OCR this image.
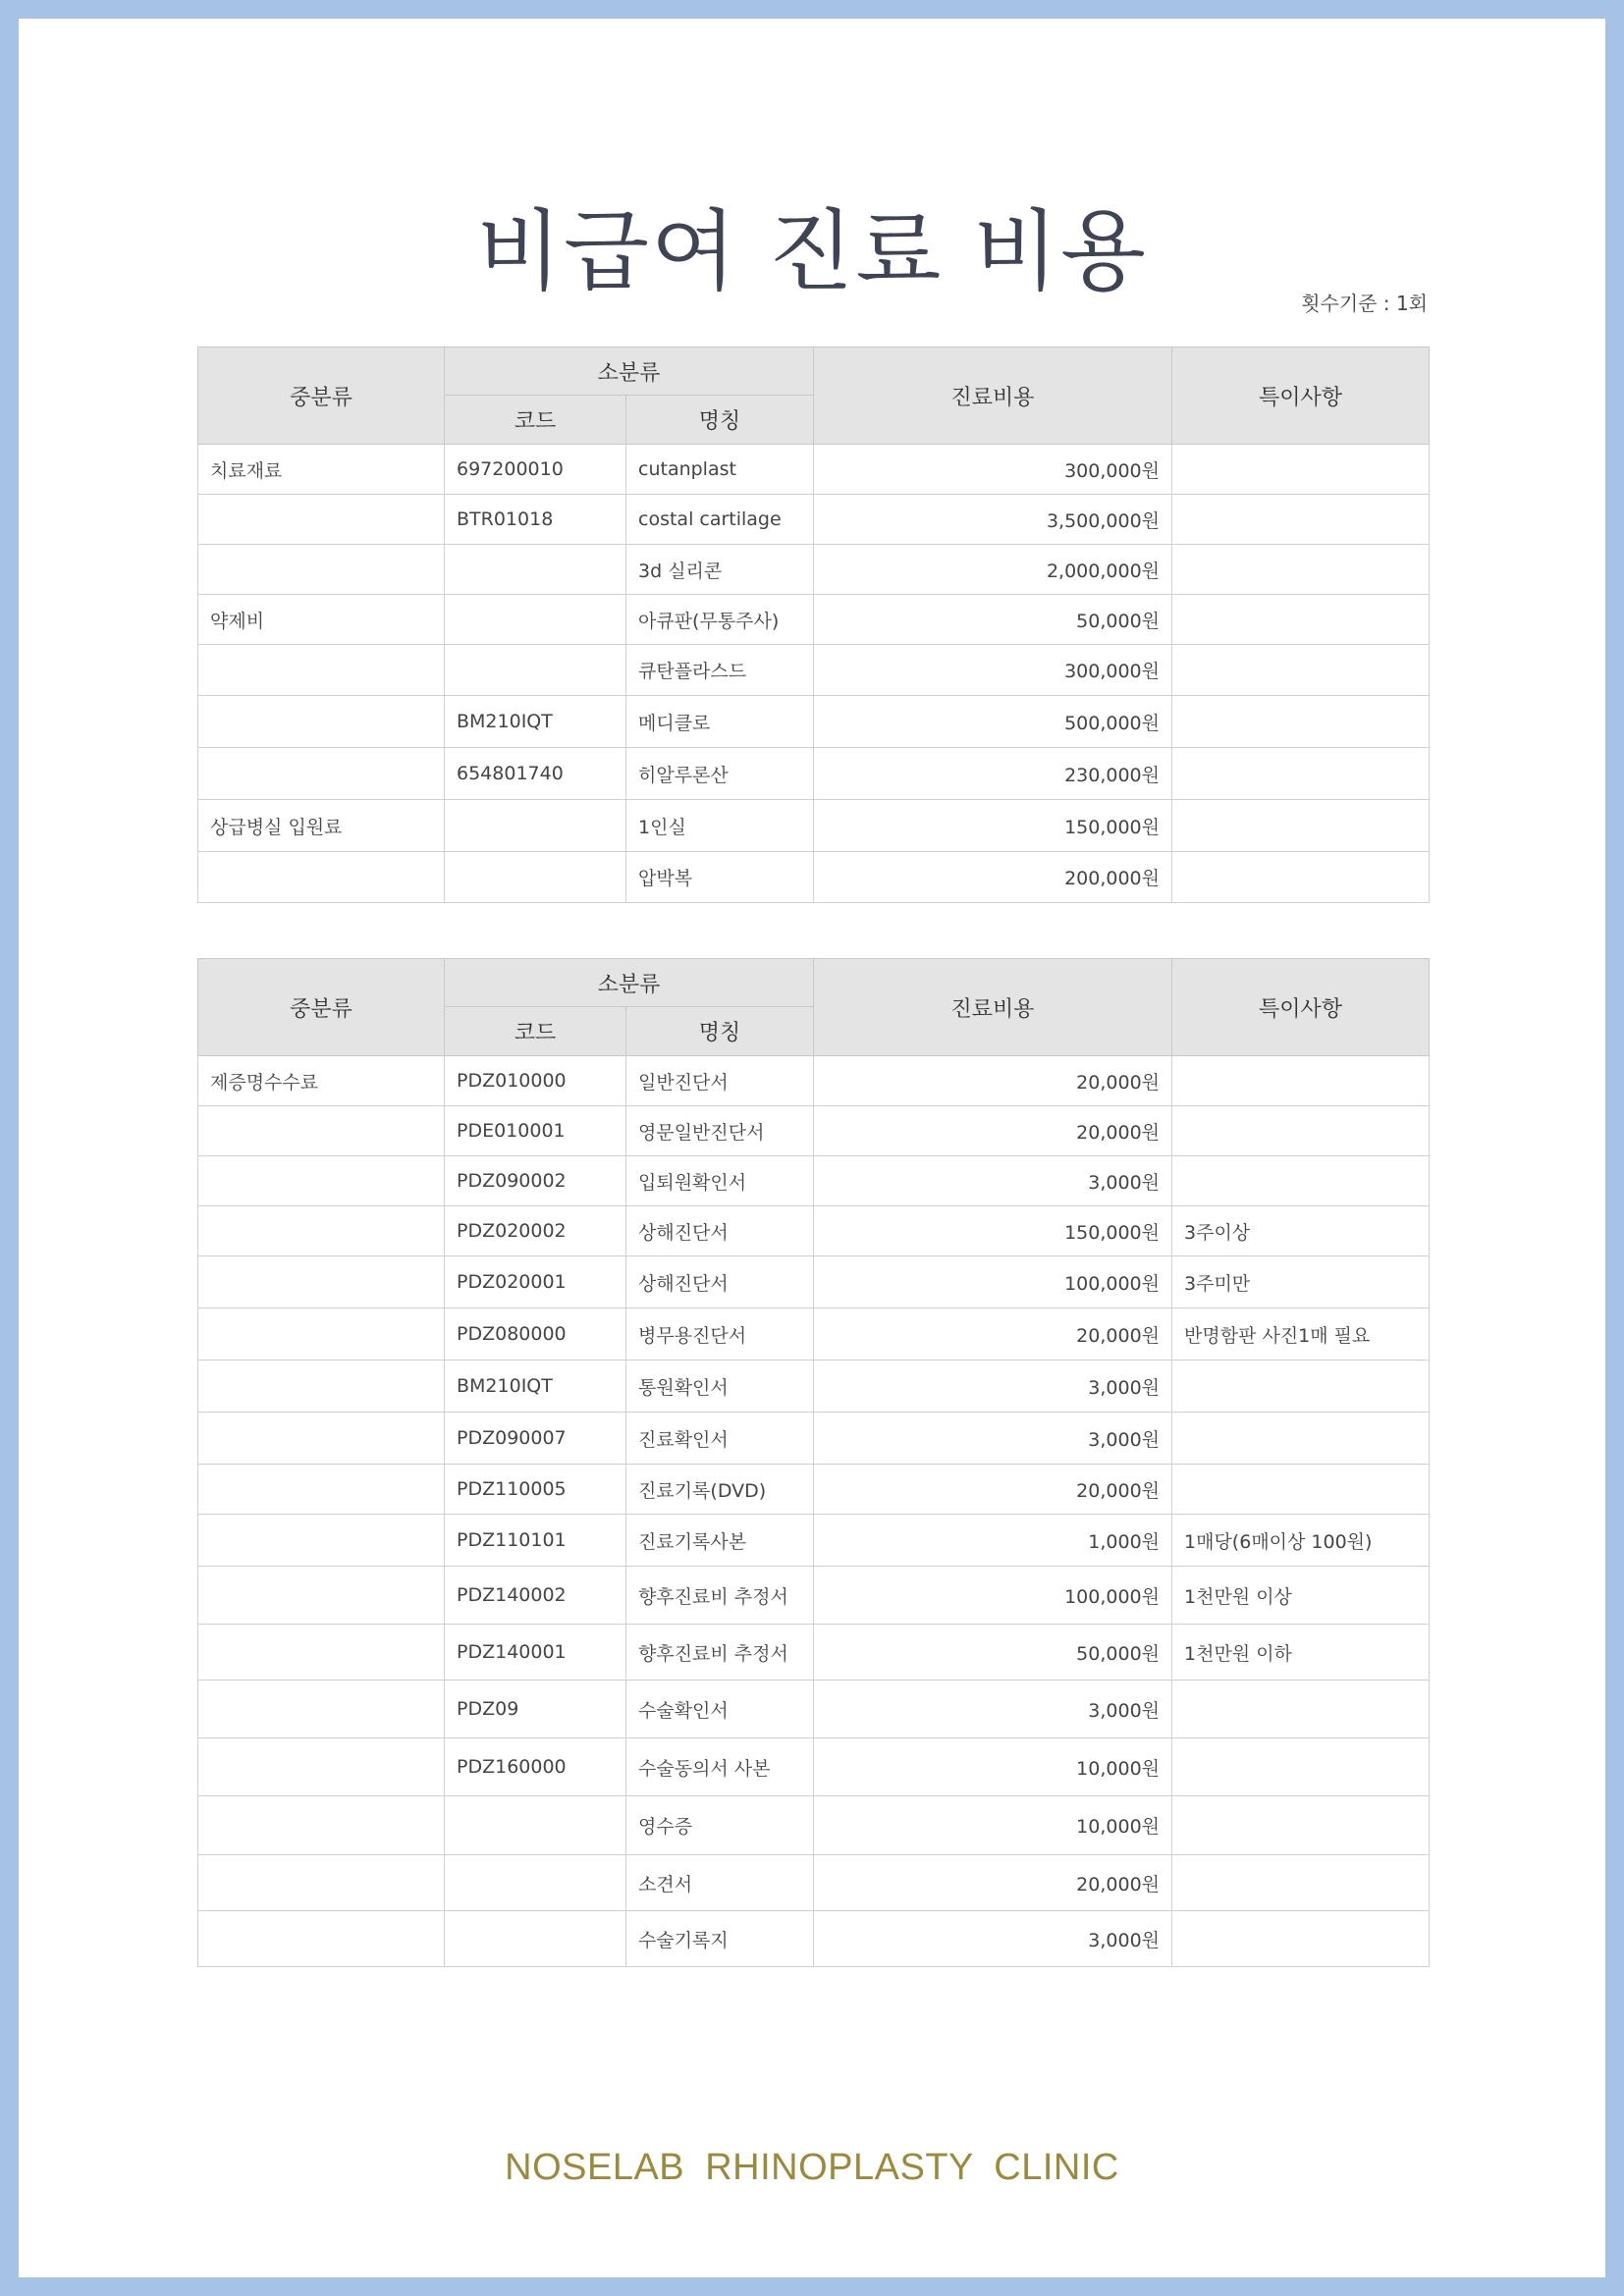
비급여 진료 비용	횟수기준 : 1회
중분류	소분류		진료비용	특이사항
	코드	명칭		
치료재료	697200010	cutanplast	300,000원	
	BTR01018	costal cartilage	3,500,000원	
		3d 실리콘	2,000,000원	
약제비		아큐판(무통주사)	50,000원	
		큐탄플라스드	300,000원	
	BM210IQT	메디클로	500,000원	
	654801740	히알루론산	230,000원	
상급병실 입원료		1인실	150,000원	
		압박복	200,000원	
중분류	소분류		진료비용	특이사항
	코드	명칭		
제증명수수료	PDZ010000	일반진단서	20,000원	
	PDE010001	영문일반진단서	20,000원	
	PDZ090002	입퇴원확인서	3,000원	
	PDZ020002	상해진단서	150,000원	3주이상
	PDZ020001	상해진단서	100,000원	3주미만
	PDZ080000	병무용진단서	20,000원	반명함판 사진1매 필요
	BM210IQT	통원확인서	3,000원	
	PDZ090007	진료확인서	3,000원	
	PDZ110005	진료기록(DVD)	20,000원	
	PDZ110101	진료기록사본	1,000원	1매당(6매이상 100원)
	PDZ140002	향후진료비 추정서	100,000원	1천만원 이상
	PDZ140001	향후진료비 추정서	50,000원	1천만원 이하
	PDZ09	수술확인서	3,000원	
	PDZ160000	수술동의서 사본	10,000원	
		영수증	10,000원	
		소견서	20,000원	
		수술기록지	3,000원	
NOSELAB RHINOPLASTY CLINIC
